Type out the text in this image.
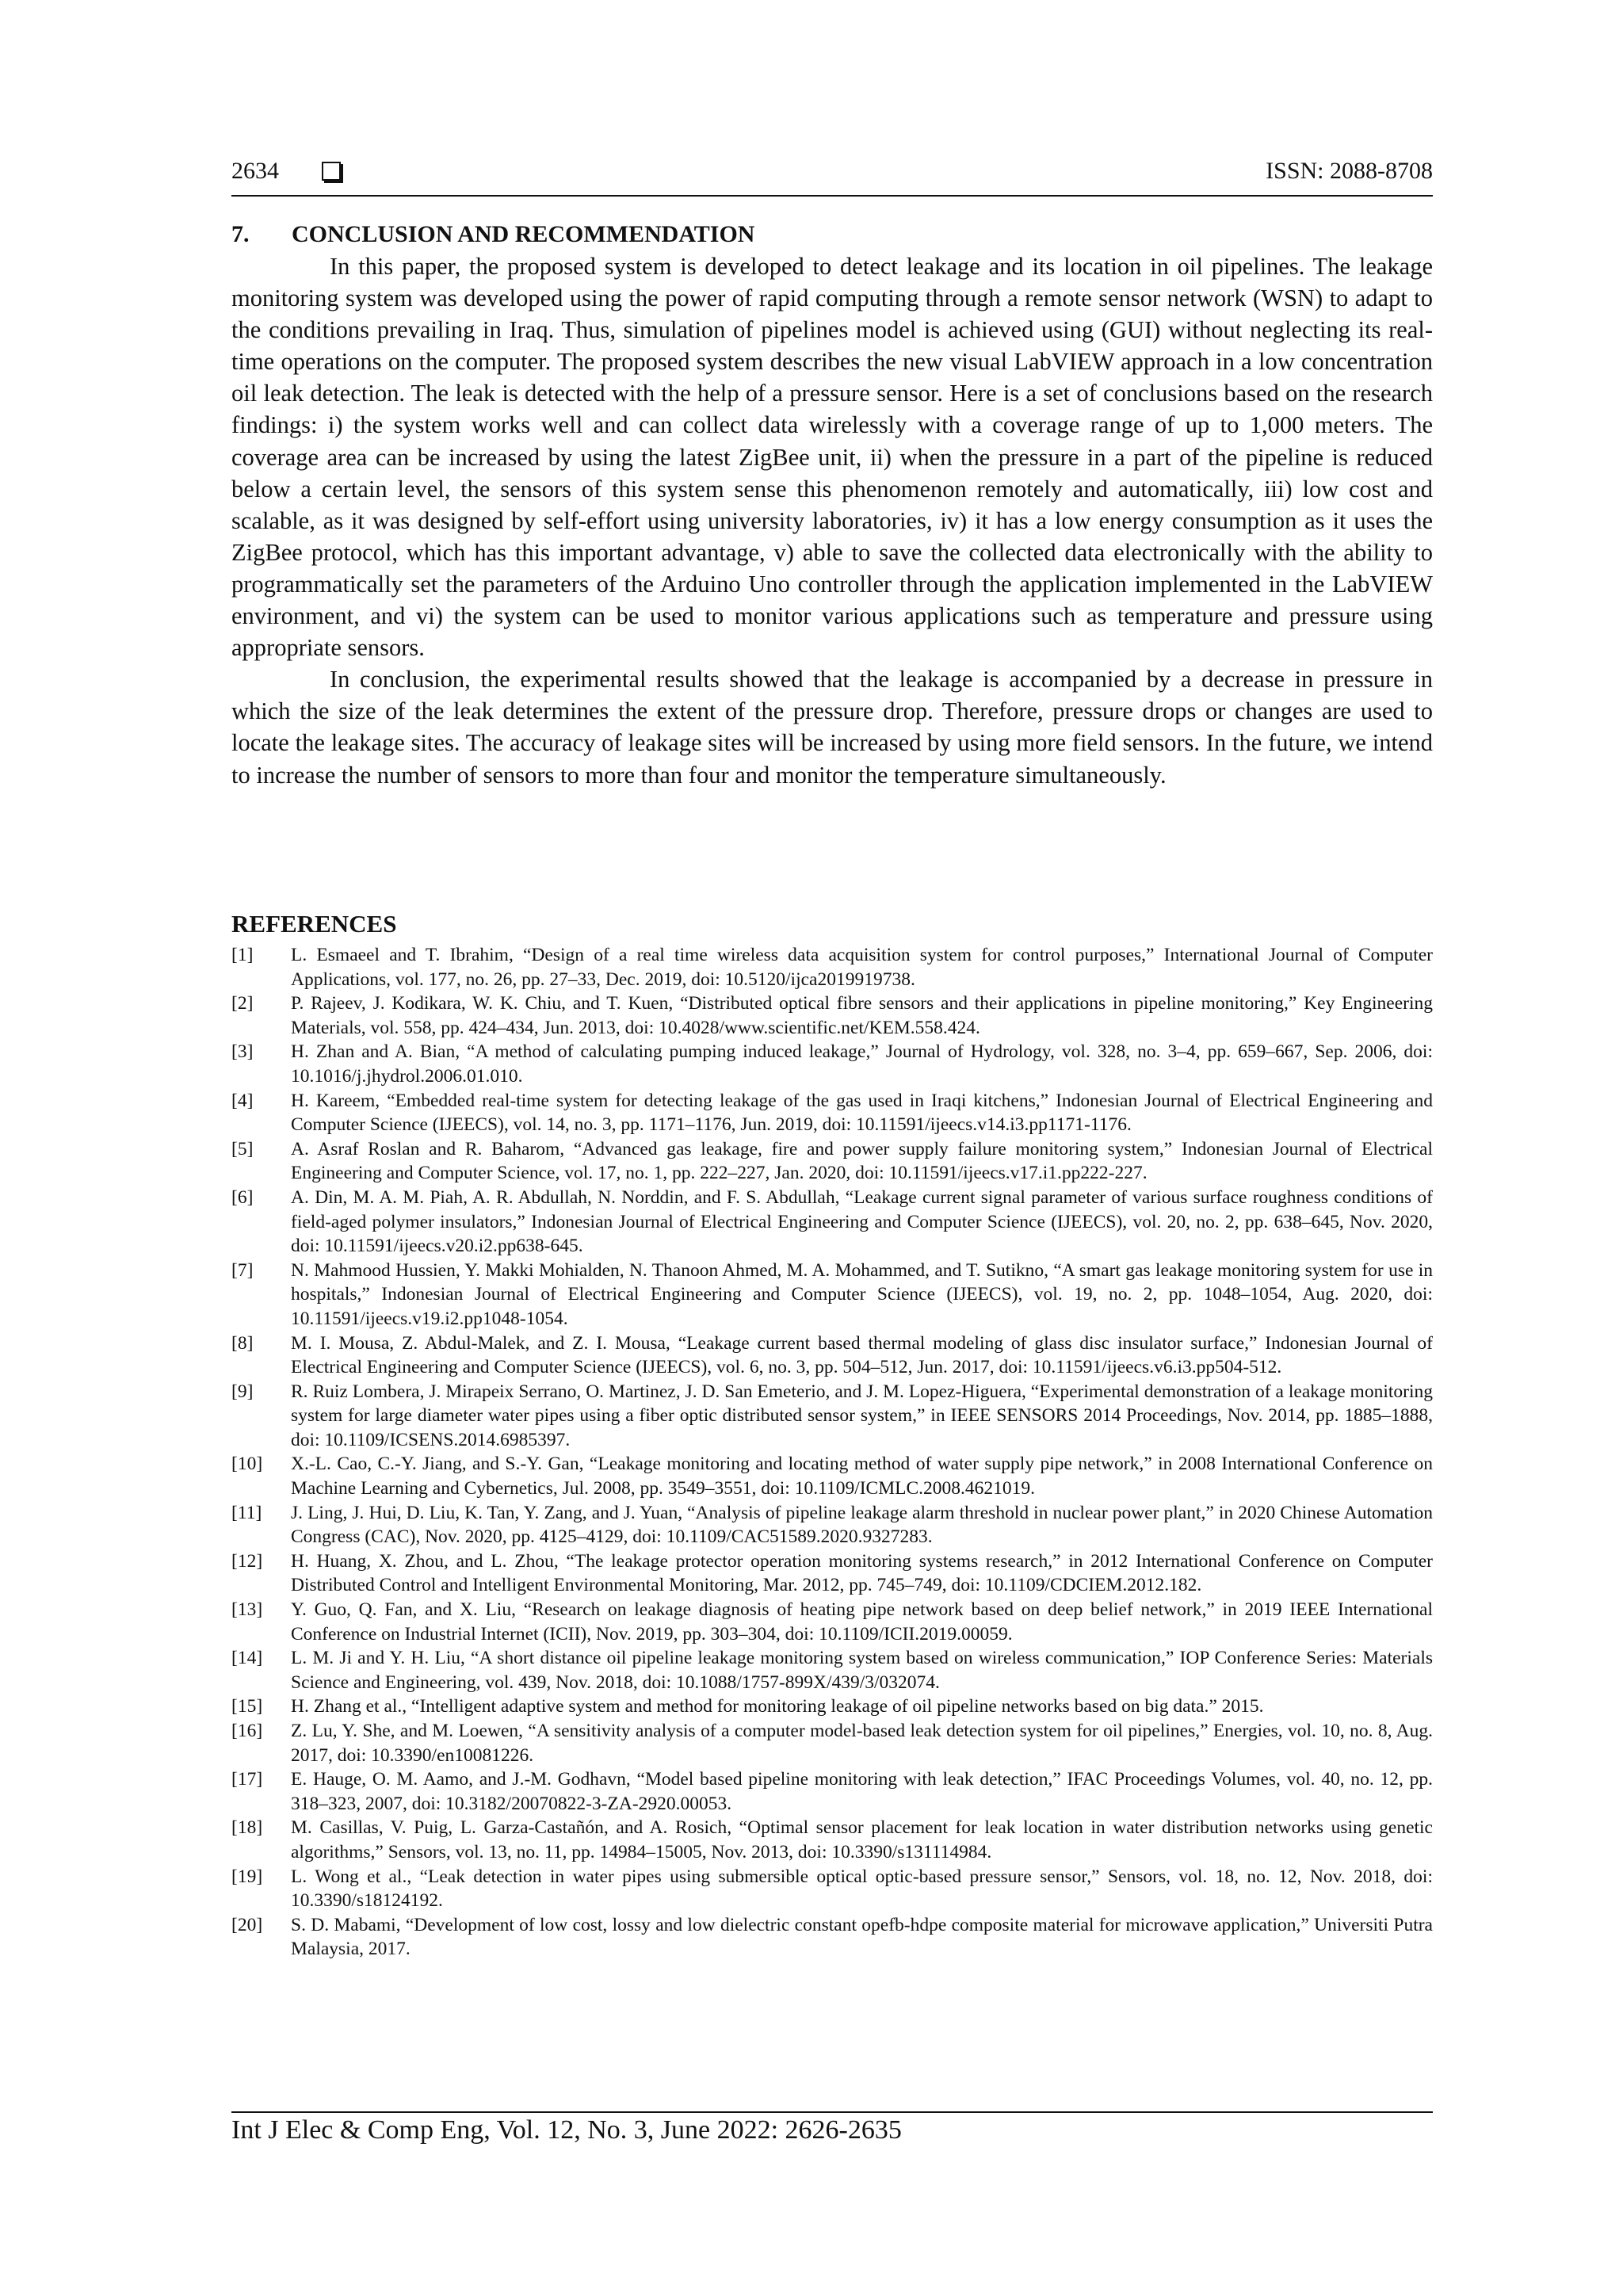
2634	ISSN: 2088-8708
7. CONCLUSION AND RECOMMENDATION

In this paper, the proposed system is developed to detect leakage and its location in oil pipelines. The leakage monitoring system was developed using the power of rapid computing through a remote sensor network (WSN) to adapt to the conditions prevailing in Iraq. Thus, simulation of pipelines model is achieved using (GUI) without neglecting its real-time operations on the computer. The proposed system describes the new visual LabVIEW approach in a low concentration oil leak detection. The leak is detected with the help of a pressure sensor. Here is a set of conclusions based on the research findings: i) the system works well and can collect data wirelessly with a coverage range of up to 1,000 meters. The coverage area can be increased by using the latest ZigBee unit, ii) when the pressure in a part of the pipeline is reduced below a certain level, the sensors of this system sense this phenomenon remotely and automatically, iii) low cost and scalable, as it was designed by self-effort using university laboratories, iv) it has a low energy consumption as it uses the ZigBee protocol, which has this important advantage, v) able to save the collected data electronically with the ability to programmatically set the parameters of the Arduino Uno controller through the application implemented in the LabVIEW environment, and vi) the system can be used to monitor various applications such as temperature and pressure using appropriate sensors.

In conclusion, the experimental results showed that the leakage is accompanied by a decrease in pressure in which the size of the leak determines the extent of the pressure drop. Therefore, pressure drops or changes are used to locate the leakage sites. The accuracy of leakage sites will be increased by using more field sensors. In the future, we intend to increase the number of sensors to more than four and monitor the temperature simultaneously.

REFERENCES
[1] L. Esmaeel and T. Ibrahim, “Design of a real time wireless data acquisition system for control purposes,” International Journal of Computer Applications, vol. 177, no. 26, pp. 27–33, Dec. 2019, doi: 10.5120/ijca2019919738.
[2] P. Rajeev, J. Kodikara, W. K. Chiu, and T. Kuen, “Distributed optical fibre sensors and their applications in pipeline monitoring,” Key Engineering Materials, vol. 558, pp. 424–434, Jun. 2013, doi: 10.4028/www.scientific.net/KEM.558.424.
[3] H. Zhan and A. Bian, “A method of calculating pumping induced leakage,” Journal of Hydrology, vol. 328, no. 3–4, pp. 659–667, Sep. 2006, doi: 10.1016/j.jhydrol.2006.01.010.
[4] H. Kareem, “Embedded real-time system for detecting leakage of the gas used in Iraqi kitchens,” Indonesian Journal of Electrical Engineering and Computer Science (IJEECS), vol. 14, no. 3, pp. 1171–1176, Jun. 2019, doi: 10.11591/ijeecs.v14.i3.pp1171-1176.
[5] A. Asraf Roslan and R. Baharom, “Advanced gas leakage, fire and power supply failure monitoring system,” Indonesian Journal of Electrical Engineering and Computer Science, vol. 17, no. 1, pp. 222–227, Jan. 2020, doi: 10.11591/ijeecs.v17.i1.pp222-227.
[6] A. Din, M. A. M. Piah, A. R. Abdullah, N. Norddin, and F. S. Abdullah, “Leakage current signal parameter of various surface roughness conditions of field-aged polymer insulators,” Indonesian Journal of Electrical Engineering and Computer Science (IJEECS), vol. 20, no. 2, pp. 638–645, Nov. 2020, doi: 10.11591/ijeecs.v20.i2.pp638-645.
[7] N. Mahmood Hussien, Y. Makki Mohialden, N. Thanoon Ahmed, M. A. Mohammed, and T. Sutikno, “A smart gas leakage monitoring system for use in hospitals,” Indonesian Journal of Electrical Engineering and Computer Science (IJEECS), vol. 19, no. 2, pp. 1048–1054, Aug. 2020, doi: 10.11591/ijeecs.v19.i2.pp1048-1054.
[8] M. I. Mousa, Z. Abdul-Malek, and Z. I. Mousa, “Leakage current based thermal modeling of glass disc insulator surface,” Indonesian Journal of Electrical Engineering and Computer Science (IJEECS), vol. 6, no. 3, pp. 504–512, Jun. 2017, doi: 10.11591/ijeecs.v6.i3.pp504-512.
[9] R. Ruiz Lombera, J. Mirapeix Serrano, O. Martinez, J. D. San Emeterio, and J. M. Lopez-Higuera, “Experimental demonstration of a leakage monitoring system for large diameter water pipes using a fiber optic distributed sensor system,” in IEEE SENSORS 2014 Proceedings, Nov. 2014, pp. 1885–1888, doi: 10.1109/ICSENS.2014.6985397.
[10] X.-L. Cao, C.-Y. Jiang, and S.-Y. Gan, “Leakage monitoring and locating method of water supply pipe network,” in 2008 International Conference on Machine Learning and Cybernetics, Jul. 2008, pp. 3549–3551, doi: 10.1109/ICMLC.2008.4621019.
[11] J. Ling, J. Hui, D. Liu, K. Tan, Y. Zang, and J. Yuan, “Analysis of pipeline leakage alarm threshold in nuclear power plant,” in 2020 Chinese Automation Congress (CAC), Nov. 2020, pp. 4125–4129, doi: 10.1109/CAC51589.2020.9327283.
[12] H. Huang, X. Zhou, and L. Zhou, “The leakage protector operation monitoring systems research,” in 2012 International Conference on Computer Distributed Control and Intelligent Environmental Monitoring, Mar. 2012, pp. 745–749, doi: 10.1109/CDCIEM.2012.182.
[13] Y. Guo, Q. Fan, and X. Liu, “Research on leakage diagnosis of heating pipe network based on deep belief network,” in 2019 IEEE International Conference on Industrial Internet (ICII), Nov. 2019, pp. 303–304, doi: 10.1109/ICII.2019.00059.
[14] L. M. Ji and Y. H. Liu, “A short distance oil pipeline leakage monitoring system based on wireless communication,” IOP Conference Series: Materials Science and Engineering, vol. 439, Nov. 2018, doi: 10.1088/1757-899X/439/3/032074.
[15] H. Zhang et al., “Intelligent adaptive system and method for monitoring leakage of oil pipeline networks based on big data.” 2015.
[16] Z. Lu, Y. She, and M. Loewen, “A sensitivity analysis of a computer model-based leak detection system for oil pipelines,” Energies, vol. 10, no. 8, Aug. 2017, doi: 10.3390/en10081226.
[17] E. Hauge, O. M. Aamo, and J.-M. Godhavn, “Model based pipeline monitoring with leak detection,” IFAC Proceedings Volumes, vol. 40, no. 12, pp. 318–323, 2007, doi: 10.3182/20070822-3-ZA-2920.00053.
[18] M. Casillas, V. Puig, L. Garza-Castañón, and A. Rosich, “Optimal sensor placement for leak location in water distribution networks using genetic algorithms,” Sensors, vol. 13, no. 11, pp. 14984–15005, Nov. 2013, doi: 10.3390/s131114984.
[19] L. Wong et al., “Leak detection in water pipes using submersible optical optic-based pressure sensor,” Sensors, vol. 18, no. 12, Nov. 2018, doi: 10.3390/s18124192.
[20] S. D. Mabami, “Development of low cost, lossy and low dielectric constant opefb-hdpe composite material for microwave application,” Universiti Putra Malaysia, 2017.
Int J Elec & Comp Eng, Vol. 12, No. 3, June 2022: 2626-2635
